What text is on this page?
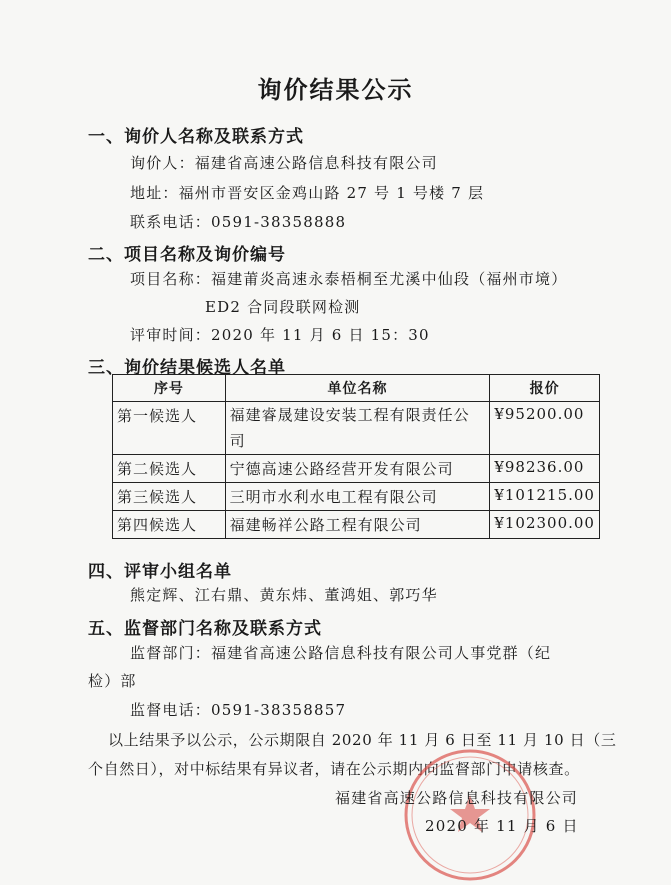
询价结果公示
一、询价人名称及联系方式
询价人：福建省高速公路信息科技有限公司
地址：福州市晋安区金鸡山路 27 号 1 号楼 7 层
联系电话：0591-38358888
二、项目名称及询价编号
项目名称：福建莆炎高速永泰梧桐至尤溪中仙段（福州市境）
ED2 合同段联网检测
评审时间：2020 年 11 月 6 日 15：30
三、询价结果候选人名单
序号	单位名称	报价
第一候选人	福建睿晟建设安装工程有限责任公司	¥95200.00
第二候选人	宁德高速公路经营开发有限公司	¥98236.00
第三候选人	三明市水利水电工程有限公司	¥101215.00
第四候选人	福建畅祥公路工程有限公司	¥102300.00
四、评审小组名单
熊定辉、江右鼎、黄东炜、董鸿姐、郭巧华
五、监督部门名称及联系方式
监督部门：福建省高速公路信息科技有限公司人事党群（纪
检）部
监督电话：0591-38358857
以上结果予以公示，公示期限自 2020 年 11 月 6 日至 11 月 10 日（三
个自然日），对中标结果有异议者，请在公示期内向监督部门申请核查。
福建省高速公路信息科技有限公司
2020 年 11 月 6 日
